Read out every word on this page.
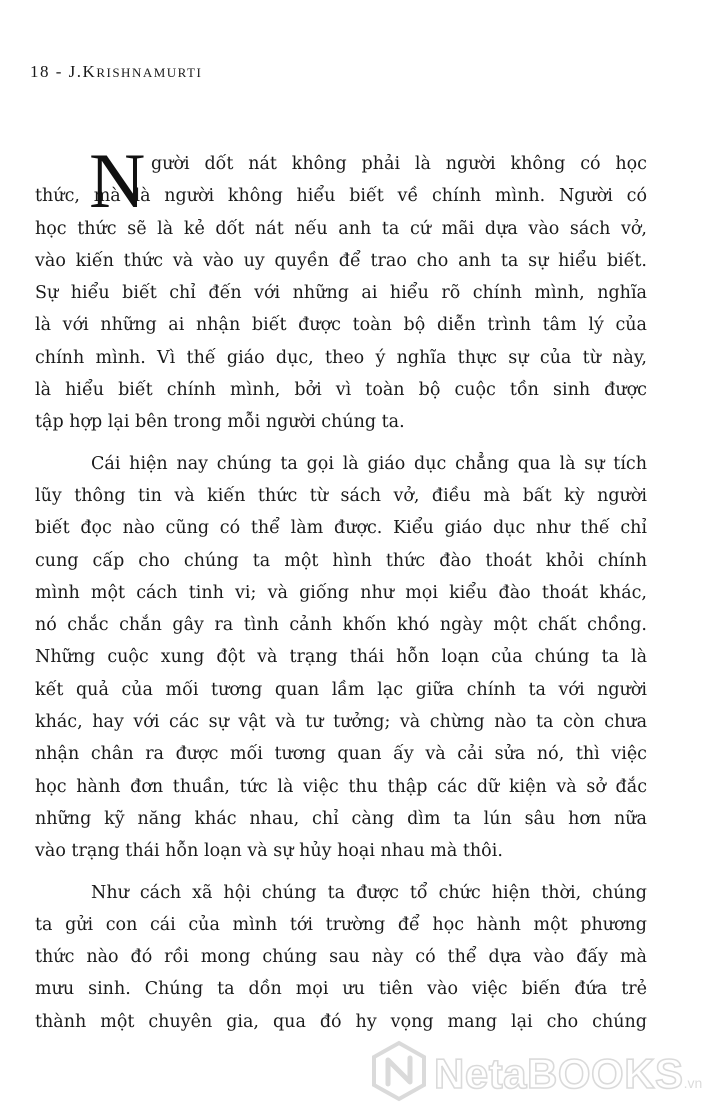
18 - J.KRISHNAMURTI
N gười dốt nát không phải là người không có học
thức, mà là người không hiểu biết về chính mình. Người có
học thức sẽ là kẻ dốt nát nếu anh ta cứ mãi dựa vào sách vở,
vào kiến thức và vào uy quyền để trao cho anh ta sự hiểu biết.
Sự hiểu biết chỉ đến với những ai hiểu rõ chính mình, nghĩa
là với những ai nhận biết được toàn bộ diễn trình tâm lý của
chính mình. Vì thế giáo dục, theo ý nghĩa thực sự của từ này,
là hiểu biết chính mình, bởi vì toàn bộ cuộc tồn sinh được
tập hợp lại bên trong mỗi người chúng ta.
Cái hiện nay chúng ta gọi là giáo dục chẳng qua là sự tích
lũy thông tin và kiến thức từ sách vở, điều mà bất kỳ người
biết đọc nào cũng có thể làm được. Kiểu giáo dục như thế chỉ
cung cấp cho chúng ta một hình thức đào thoát khỏi chính
mình một cách tinh vi; và giống như mọi kiểu đào thoát khác,
nó chắc chắn gây ra tình cảnh khốn khó ngày một chất chồng.
Những cuộc xung đột và trạng thái hỗn loạn của chúng ta là
kết quả của mối tương quan lầm lạc giữa chính ta với người
khác, hay với các sự vật và tư tưởng; và chừng nào ta còn chưa
nhận chân ra được mối tương quan ấy và cải sửa nó, thì việc
học hành đơn thuần, tức là việc thu thập các dữ kiện và sở đắc
những kỹ năng khác nhau, chỉ càng dìm ta lún sâu hơn nữa
vào trạng thái hỗn loạn và sự hủy hoại nhau mà thôi.
Như cách xã hội chúng ta được tổ chức hiện thời, chúng
ta gửi con cái của mình tới trường để học hành một phương
thức nào đó rồi mong chúng sau này có thể dựa vào đấy mà
mưu sinh. Chúng ta dồn mọi ưu tiên vào việc biến đứa trẻ
thành một chuyên gia, qua đó hy vọng mang lại cho chúng
NetaBOOKS.vn
